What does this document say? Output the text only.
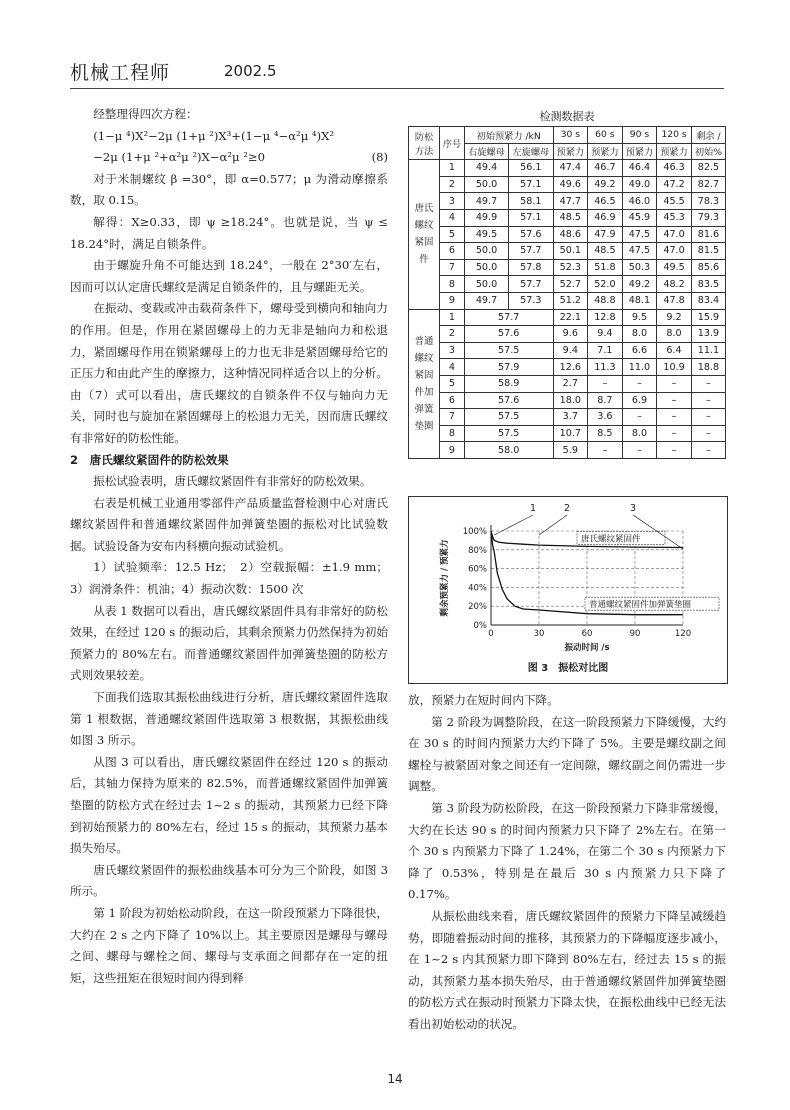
机械工程师	2002.5

经整理得四次方程：

(1−μ ⁴)X²−2μ (1+μ ²)X³+(1−μ ⁴−α²μ ⁴)X²
−2μ (1+μ ²+α²μ ²)X−α²μ ²≥0	(8)

对于米制螺纹 β =30°，即 α=0.577；μ 为滑动摩擦系数，取 0.15。

解得：X≥0.33，即 ψ ≥18.24°。也就是说，当 ψ ≤ 18.24°时，满足自锁条件。

由于螺旋升角不可能达到 18.24°，一般在 2°30′左右，因而可以认定唐氏螺纹是满足自锁条件的，且与螺距无关。

在振动、变载或冲击载荷条件下，螺母受到横向和轴向力的作用。但是，作用在紧固螺母上的力无非是轴向力和松退力，紧固螺母作用在锁紧螺母上的力也无非是紧固螺母给它的正压力和由此产生的摩擦力，这种情况同样适合以上的分析。由（7）式可以看出，唐氏螺纹的自锁条件不仅与轴向力无关，同时也与旋加在紧固螺母上的松退力无关，因而唐氏螺纹有非常好的防松性能。

2　唐氏螺纹紧固件的防松效果

振松试验表明，唐氏螺纹紧固件有非常好的防松效果。

右表是机械工业通用零部件产品质量监督检测中心对唐氏螺纹紧固件和普通螺纹紧固件加弹簧垫圈的振松对比试验数据。试验设备为安布内科横向振动试验机。

1）试验频率：12.5 Hz；　2）空载振幅：±1.9 mm；3）润滑条件：机油；4）振动次数：1500 次

从表 1 数据可以看出，唐氏螺纹紧固件具有非常好的防松效果，在经过 120 s 的振动后，其剩余预紧力仍然保持为初始预紧力的 80%左右。而普通螺纹紧固件加弹簧垫圈的防松方式则效果较差。

下面我们选取其振松曲线进行分析，唐氏螺纹紧固件选取第 1 根数据，普通螺纹紧固件选取第 3 根数据，其振松曲线如图 3 所示。

从图 3 可以看出，唐氏螺纹紧固件在经过 120 s 的振动后，其轴力保持为原来的 82.5%，而普通螺纹紧固件加弹簧垫圈的防松方式在经过去 1~2 s 的振动，其预紧力已经下降到初始预紧力的 80%左右，经过 15 s 的振动，其预紧力基本损失殆尽。

唐氏螺纹紧固件的振松曲线基本可分为三个阶段，如图 3 所示。

第 1 阶段为初始松动阶段，在这一阶段预紧力下降很快，大约在 2 s 之内下降了 10%以上。其主要原因是螺母与螺母之间、螺母与螺栓之间、螺母与支承面之间都存在一定的扭矩，这些扭矩在很短时间内得到释

检测数据表
防松方法	序号	初始预紧力 /kN		30 s	60 s	90 s	120 s	剩余 /
		右旋螺母	左旋螺母	预紧力	预紧力	预紧力	预紧力	初始%
唐氏螺纹紧固件	1	49.4	56.1	47.4	46.7	46.4	46.3	82.5
	2	50.0	57.1	49.6	49.2	49.0	47.2	82.7
	3	49.7	58.1	47.7	46.5	46.0	45.5	78.3
	4	49.9	57.1	48.5	46.9	45.9	45.3	79.3
	5	49.5	57.6	48.6	47.9	47.5	47.0	81.6
	6	50.0	57.7	50.1	48.5	47.5	47.0	81.5
	7	50.0	57.8	52.3	51.8	50.3	49.5	85.6
	8	50.0	57.7	52.7	52.0	49.2	48.2	83.5
	9	49.7	57.3	51.2	48.8	48.1	47.8	83.4
普通螺纹紧固件加弹簧垫圈	1	57.7		22.1	12.8	9.5	9.2	15.9
	2	57.6		9.6	9.4	8.0	8.0	13.9
	3	57.5		9.4	7.1	6.6	6.4	11.1
	4	57.9		12.6	11.3	11.0	10.9	18.8
	5	58.9		2.7	–	–	–	–
	6	57.6		18.0	8.7	6.9	–	–
	7	57.5		3.7	3.6	–	–	–
	8	57.5		10.7	8.5	8.0	–	–
	9	58.0		5.9	–	–	–	–
0%
20%
40%
60%
80%
100%
0	30	60	90	120
振动时间 /s
剩余预紧力 / 预紧力
唐氏螺纹紧固件
普通螺纹紧固件加弹簧垫圈
1	2	3
图 3　振松对比图

放，预紧力在短时间内下降。

第 2 阶段为调整阶段，在这一阶段预紧力下降缓慢，大约在 30 s 的时间内预紧力大约下降了 5%。主要是螺纹副之间螺栓与被紧固对象之间还有一定间隙，螺纹副之间仍需进一步调整。

第 3 阶段为防松阶段，在这一阶段预紧力下降非常缓慢，大约在长达 90 s 的时间内预紧力只下降了 2%左右。在第一个 30 s 内预紧力下降了 1.24%，在第二个 30 s 内预紧力下降了 0.53%，特别是在最后 30 s 内预紧力只下降了 0.17%。

从振松曲线来看，唐氏螺纹紧固件的预紧力下降呈减缓趋势，即随着振动时间的推移，其预紧力的下降幅度逐步减小，在 1~2 s 内其预紧力即下降到 80%左右，经过去 15 s 的振动，其预紧力基本损失殆尽，由于普通螺纹紧固件加弹簧垫圈的防松方式在振动时预紧力下降太快，在振松曲线中已经无法看出初始松动的状况。

14
